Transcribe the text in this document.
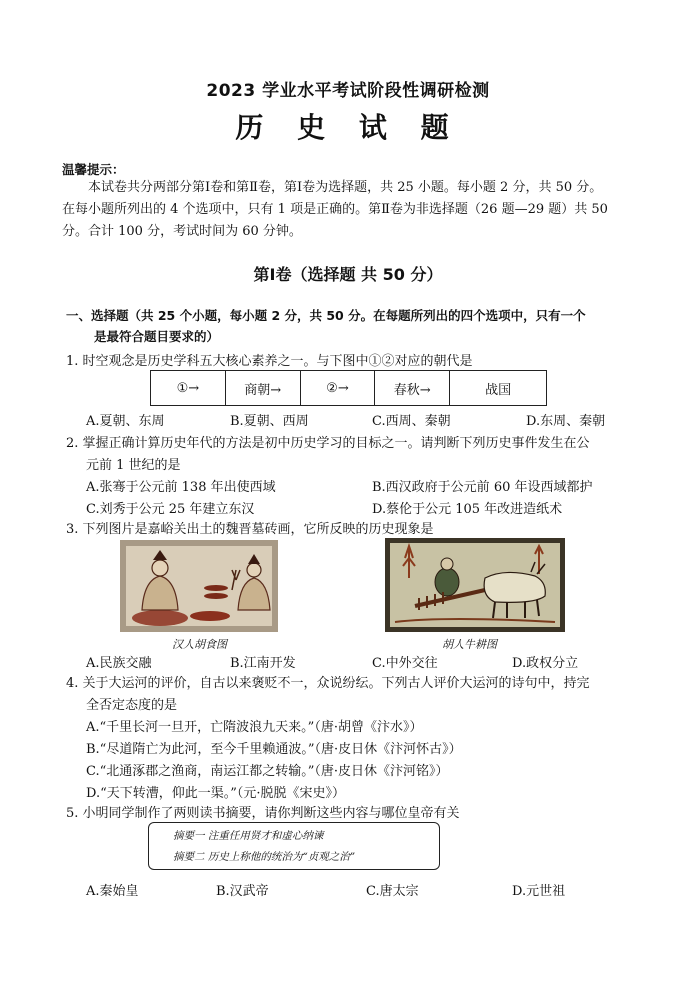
2023 学业水平考试阶段性调研检测
历 史 试 题
温馨提示：
本试卷共分两部分第Ⅰ卷和第Ⅱ卷，第Ⅰ卷为选择题，共 25 小题。每小题 2 分，共 50 分。
在每小题所列出的 4 个选项中，只有 1 项是正确的。第Ⅱ卷为非选择题（26 题—29 题）共 50
分。合计 100 分，考试时间为 60 分钟。
第Ⅰ卷（选择题 共 50 分）
一、选择题（共 25 个小题，每小题 2 分，共 50 分。在每题所列出的四个选项中，只有一个
是最符合题目要求的）
1. 时空观念是历史学科五大核心素养之一。与下图中①②对应的朝代是
①→	商朝→	②→	春秋→	战国
A.夏朝、东周	B.夏朝、西周	C.西周、秦朝	D.东周、秦朝
2. 掌握正确计算历史年代的方法是初中历史学习的目标之一。请判断下列历史事件发生在公
元前 1 世纪的是
A.张骞于公元前 138 年出使西域	B.西汉政府于公元前 60 年设西域都护
C.刘秀于公元 25 年建立东汉	D.蔡伦于公元 105 年改进造纸术
3. 下列图片是嘉峪关出土的魏晋墓砖画，它所反映的历史现象是
汉人胡食图	胡人牛耕图
A.民族交融	B.江南开发	C.中外交往	D.政权分立
4. 关于大运河的评价，自古以来褒贬不一，众说纷纭。下列古人评价大运河的诗句中，持完
全否定态度的是
A.“千里长河一旦开，亡隋波浪九天来。”（唐·胡曾《汴水》）
B.“尽道隋亡为此河，至今千里赖通波。”（唐·皮日休《汴河怀古》）
C.“北通涿郡之渔商，南运江都之转输。”（唐·皮日休《汴河铭》）
D.“天下转漕，仰此一渠。”（元·脱脱《宋史》）
5. 小明同学制作了两则读书摘要，请你判断这些内容与哪位皇帝有关
摘要一 注重任用贤才和虚心纳谏
摘要二 历史上称他的统治为“贞观之治”
A.秦始皇	B.汉武帝	C.唐太宗	D.元世祖
